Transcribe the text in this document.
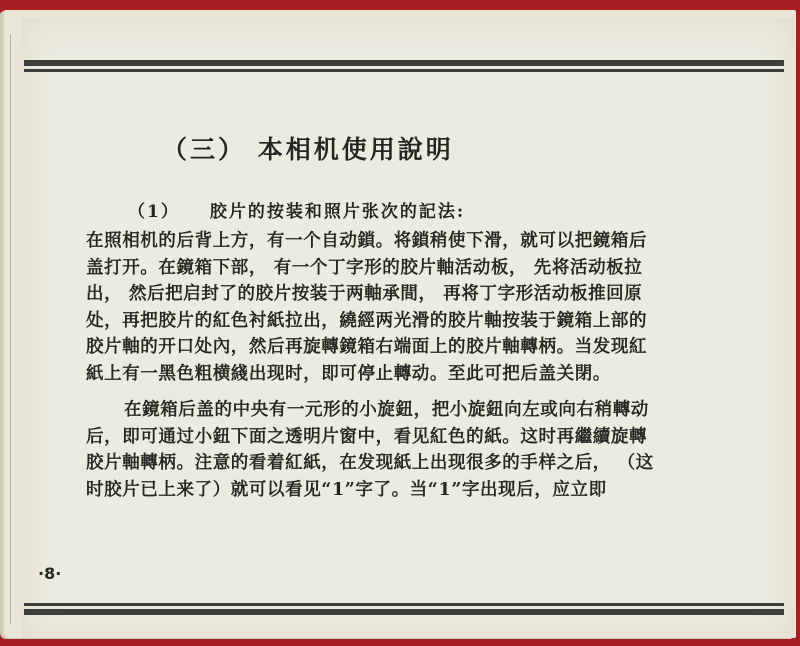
（三） 本相机使用說明
（1） 胶片的按装和照片张次的記法:
在照相机的后背上方，有一个自动鎖。将鎖稍使下滑，就可以把鏡箱后
盖打开。在鏡箱下部， 有一个丁字形的胶片軸活动板， 先将活动板拉
出， 然后把启封了的胶片按装于两軸承間， 再将丁字形活动板推回原
处，再把胶片的紅色衬紙拉出，繞經两光滑的胶片軸按装于鏡箱上部的
胶片軸的开口处內，然后再旋轉鏡箱右端面上的胶片軸轉柄。当发现紅
紙上有一黑色粗横綫出现时，即可停止轉动。至此可把后盖关閉。
在鏡箱后盖的中央有一元形的小旋鈕，把小旋鈕向左或向右稍轉动
后，即可通过小鈕下面之透明片窗中，看见紅色的紙。这时再繼續旋轉
胶片軸轉柄。注意的看着紅紙，在发现紙上出现很多的手样之后， （这
时胶片已上来了）就可以看见“1”字了。当“1”字出现后，应立即
·8·
